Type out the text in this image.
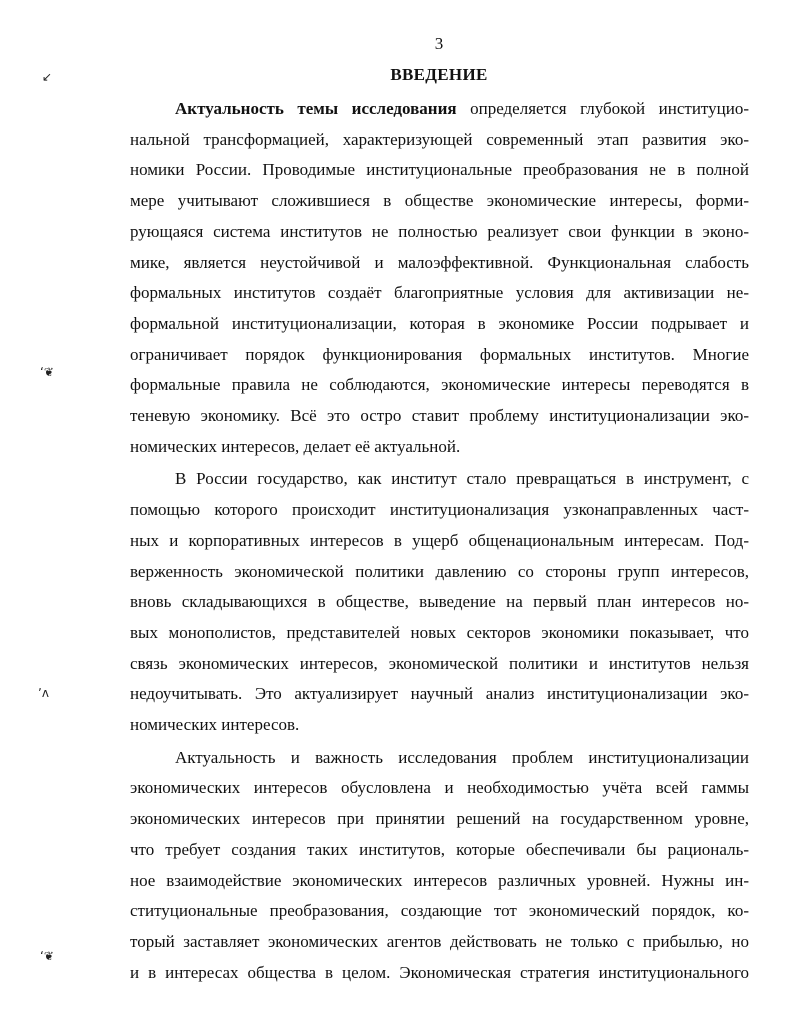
3
ВВЕДЕНИЕ
↙
ʻ❦
ʼᴧ
ʻ❦
Актуальность темы исследования определяется глубокой институцио-
нальной трансформацией, характеризующей современный этап развития эко-
номики России. Проводимые институциональные преобразования не в полной
мере учитывают сложившиеся в обществе экономические интересы, форми-
рующаяся система институтов не полностью реализует свои функции в эконо-
мике, является неустойчивой и малоэффективной. Функциональная слабость
формальных институтов создаёт благоприятные условия для активизации не-
формальной институционализации, которая в экономике России подрывает и
ограничивает порядок функционирования формальных институтов. Многие
формальные правила не соблюдаются, экономические интересы переводятся в
теневую экономику. Всё это остро ставит проблему институционализации эко-
номических интересов, делает её актуальной.
В России государство, как институт стало превращаться в инструмент, с
помощью которого происходит институционализация узконаправленных част-
ных и корпоративных интересов в ущерб общенациональным интересам. Под-
верженность экономической политики давлению со стороны групп интересов,
вновь складывающихся в обществе, выведение на первый план интересов но-
вых монополистов, представителей новых секторов экономики показывает, что
связь экономических интересов, экономической политики и институтов нельзя
недоучитывать. Это актуализирует научный анализ институционализации эко-
номических интересов.
Актуальность и важность исследования проблем институционализации
экономических интересов обусловлена и необходимостью учёта всей гаммы
экономических интересов при принятии решений на государственном уровне,
что требует создания таких институтов, которые обеспечивали бы рациональ-
ное взаимодействие экономических интересов различных уровней. Нужны ин-
ституциональные преобразования, создающие тот экономический порядок, ко-
торый заставляет экономических агентов действовать не только с прибылью, но
и в интересах общества в целом. Экономическая стратегия институционального
